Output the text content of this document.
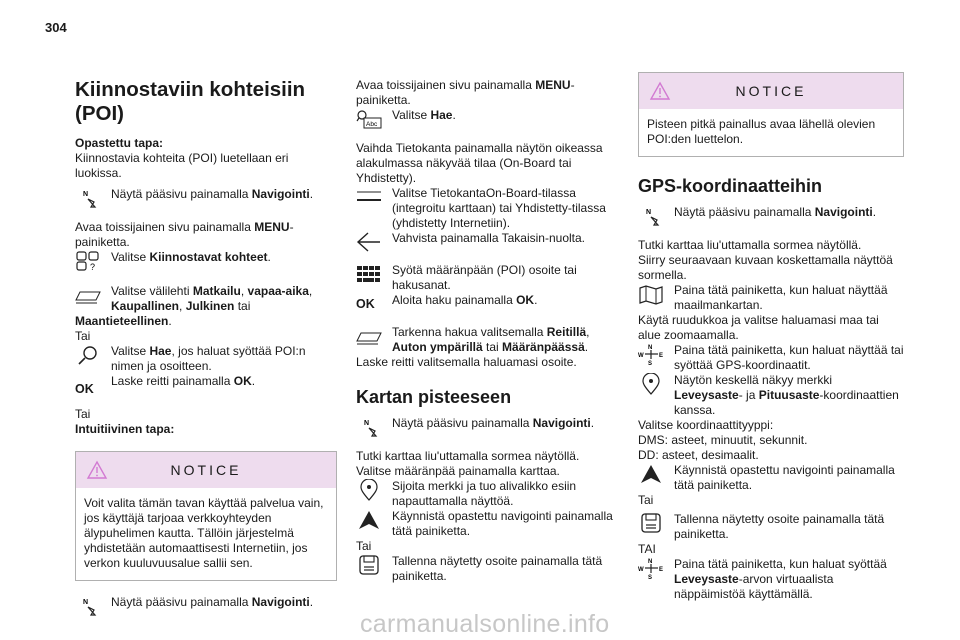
304
Kiinnostaviin kohteisiin (POI)

Opastettu tapa:

Kiinnostavia kohteita (POI) luetellaan eri luokissa.

N Näytä pääsivu painamalla Navigointi.

Avaa toissijainen sivu painamalla MENU-painiketta.

?
Valitse Kiinnostavat kohteet.
Valitse välilehti Matkailu, vapaa-aika, Kaupallinen, Julkinen tai

Maantieteellinen.

Tai

Valitse Hae, jos haluat syöttää POI:n nimen ja osoitteen.
OK
Laske reitti painamalla OK.

Tai

Intuitiivinen tapa:

NOTICE
Voit valita tämän tavan käyttää palvelua vain, jos käyttäjä tarjoaa verkkoyhteyden älypuhelimen kautta. Tällöin järjestelmä yhdistetään automaattisesti Internetiin, jos verkon kuuluvuusalue sallii sen.
N Näytä pääsivu painamalla Navigointi.

Avaa toissijainen sivu painamalla MENU-painiketta.

Abc
Valitse Hae.

Vaihda Tietokanta painamalla näytön oikeassa alakulmassa näkyvää tilaa (On-Board tai Yhdistetty).

Valitse TietokantaOn-Board-tilassa (integroitu karttaan) tai Yhdistetty-tilassa (yhdistetty Internetiin).
Vahvista painamalla Takaisin-nuolta.
Syötä määränpään (POI) osoite tai hakusanat.
OK	Aloita haku painamalla OK.
Tarkenna hakua valitsemalla Reitillä, Auton ympärillä tai Määränpäässä.

Laske reitti valitsemalla haluamasi osoite.

Kartan pisteeseen
N Näytä pääsivu painamalla Navigointi.

Tutki karttaa liu'uttamalla sormea näytöllä.

Valitse määränpää painamalla karttaa.

Sijoita merkki ja tuo alivalikko esiin napauttamalla näyttöä.
Käynnistä opastettu navigointi painamalla tätä painiketta.

Tai

Tallenna näytetty osoite painamalla tätä painiketta.
NOTICE
Pisteen pitkä painallus avaa lähellä olevien POI:den luettelon.
GPS-koordinaatteihin
N Näytä pääsivu painamalla Navigointi.

Tutki karttaa liu'uttamalla sormea näytöllä.

Siirry seuraavaan kuvaan koskettamalla näyttöä sormella.

Paina tätä painiketta, kun haluat näyttää maailmankartan.

Käytä ruudukkoa ja valitse haluamasi maa tai alue zoomaamalla.

N
S
W	E Paina tätä painiketta, kun haluat näyttää tai syöttää GPS-koordinaatit.
Näytön keskellä näkyy merkki Leveysaste- ja Pituusaste-koordinaattien kanssa.

Valitse koordinaattityyppi:

DMS: asteet, minuutit, sekunnit.

DD: asteet, desimaalit.

Käynnistä opastettu navigointi painamalla tätä painiketta.

Tai

Tallenna näytetty osoite painamalla tätä painiketta.

TAI

N
S
W	E Paina tätä painiketta, kun haluat syöttää Leveysaste-arvon virtuaalista näppäimistöä käyttämällä.
carmanualsonline.info
